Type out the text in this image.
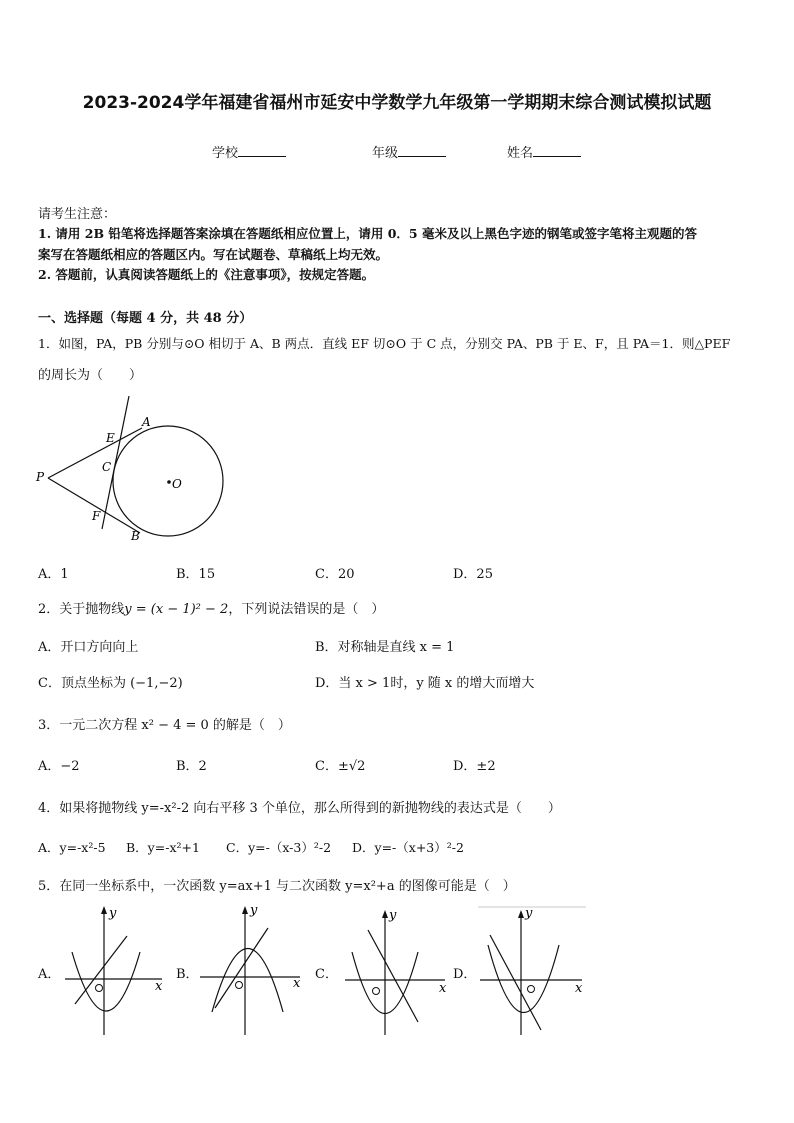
2023-2024学年福建省福州市延安中学数学九年级第一学期期末综合测试模拟试题
学校	年级	姓名
请考生注意：
1. 请用 2B 铅笔将选择题答案涂填在答题纸相应位置上，请用 0．5 毫米及以上黑色字迹的钢笔或签字笔将主观题的答
案写在答题纸相应的答题区内。写在试题卷、草稿纸上均无效。
2. 答题前，认真阅读答题纸上的《注意事项》，按规定答题。
一、选择题（每题 4 分，共 48 分）
1．如图，PA，PB 分别与⊙O 相切于 A、B 两点．直线 EF 切⊙O 于 C 点，分别交 PA、PB 于 E、F，且 PA＝1．则△PEF
的周长为（　　）
A
E
C
P	O
F
B
A．1	B．15	C．20	D．25
2．关于抛物线y = (x − 1)² − 2，下列说法错误的是（　）
A．开口方向向上	B．对称轴是直线 x = 1
C．顶点坐标为 (−1,−2)	D．当 x > 1时，y 随 x 的增大而增大
3．一元二次方程 x² − 4 = 0 的解是（　）
A．−2	B．2	C．±√2	D．±2
4．如果将抛物线 y=-x²-2 向右平移 3 个单位，那么所得到的新抛物线的表达式是（　　）
A．y=-x²-5 B．y=-x²+1 C．y=-（x-3）²-2 D．y=-（x+3）²-2
5．在同一坐标系中，一次函数 y=ax+1 与二次函数 y=x²+a 的图像可能是（　）
A．	B．	C．	D．
y
x
y
x
y
x
y
x
